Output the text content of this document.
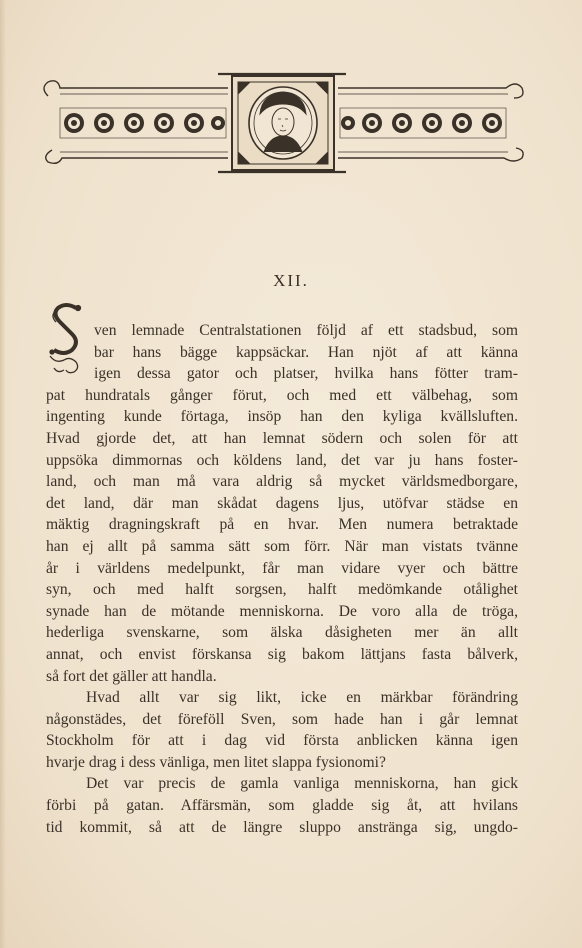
XII.
ven lemnade Centralstationen följd af ett stadsbud, som
bar hans bägge kappsäckar. Han njöt af att känna
igen dessa gator och platser, hvilka hans fötter tram-
pat hundratals gånger förut, och med ett välbehag, som
ingenting kunde förtaga, insöp han den kyliga kvällsluften.
Hvad gjorde det, att han lemnat södern och solen för att
uppsöka dimmornas och köldens land, det var ju hans foster-
land, och man må vara aldrig så mycket världsmedborgare,
det land, där man skådat dagens ljus, utöfvar städse en
mäktig dragningskraft på en hvar. Men numera betraktade
han ej allt på samma sätt som förr. När man vistats tvänne
år i världens medelpunkt, får man vidare vyer och bättre
syn, och med halft sorgsen, halft medömkande otålighet
synade han de mötande menniskorna. De voro alla de tröga,
hederliga svenskarne, som älska dåsigheten mer än allt
annat, och envist förskansa sig bakom lättjans fasta bålverk,
så fort det gäller att handla.
Hvad allt var sig likt, icke en märkbar förändring
någonstädes, det föreföll Sven, som hade han i går lemnat
Stockholm för att i dag vid första anblicken känna igen
hvarje drag i dess vänliga, men litet slappa fysionomi?
Det var precis de gamla vanliga menniskorna, han gick
förbi på gatan. Affärsmän, som gladde sig åt, att hvilans
tid kommit, så att de längre sluppo anstränga sig, ungdo-
